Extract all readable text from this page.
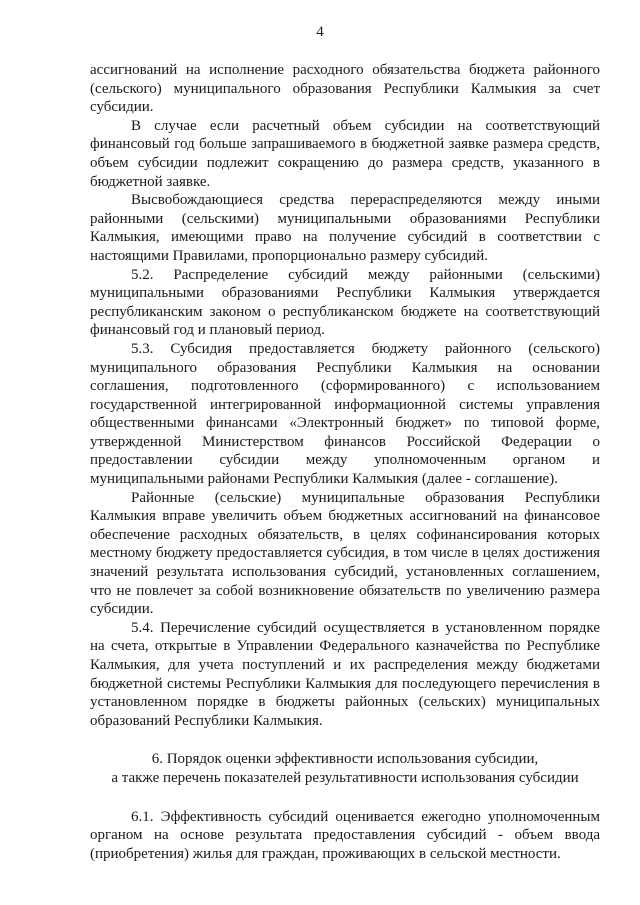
4

ассигнований на исполнение расходного обязательства бюджета районного (сельского) муниципального образования Республики Калмыкия за счет субсидии.

В случае если расчетный объем субсидии на соответствующий финансовый год больше запрашиваемого в бюджетной заявке размера средств, объем субсидии подлежит сокращению до размера средств, указанного в бюджетной заявке.

Высвобождающиеся средства перераспределяются между иными районными (сельскими) муниципальными образованиями Республики Калмыкия, имеющими право на получение субсидий в соответствии с настоящими Правилами, пропорционально размеру субсидий.

5.2. Распределение субсидий между районными (сельскими) муниципальными образованиями Республики Калмыкия утверждается республиканским законом о республиканском бюджете на соответствующий финансовый год и плановый период.

5.3. Субсидия предоставляется бюджету районного (сельского) муниципального образования Республики Калмыкия на основании соглашения, подготовленного (сформированного) с использованием государственной интегрированной информационной системы управления общественными финансами «Электронный бюджет» по типовой форме, утвержденной Министерством финансов Российской Федерации о предоставлении субсидии между уполномоченным органом и муниципальными районами Республики Калмыкия (далее - соглашение).

Районные (сельские) муниципальные образования Республики Калмыкия вправе увеличить объем бюджетных ассигнований на финансовое обеспечение расходных обязательств, в целях софинансирования которых местному бюджету предоставляется субсидия, в том числе в целях достижения значений результата использования субсидий, установленных соглашением, что не повлечет за собой возникновение обязательств по увеличению размера субсидии.

5.4. Перечисление субсидий осуществляется в установленном порядке на счета, открытые в Управлении Федерального казначейства по Республике Калмыкия, для учета поступлений и их распределения между бюджетами бюджетной системы Республики Калмыкия для последующего перечисления в установленном порядке в бюджеты районных (сельских) муниципальных образований Республики Калмыкия.

6. Порядок оценки эффективности использования субсидии,
а также перечень показателей результативности использования субсидии

6.1. Эффективность субсидий оценивается ежегодно уполномоченным органом на основе результата предоставления субсидий - объем ввода (приобретения) жилья для граждан, проживающих в сельской местности.
